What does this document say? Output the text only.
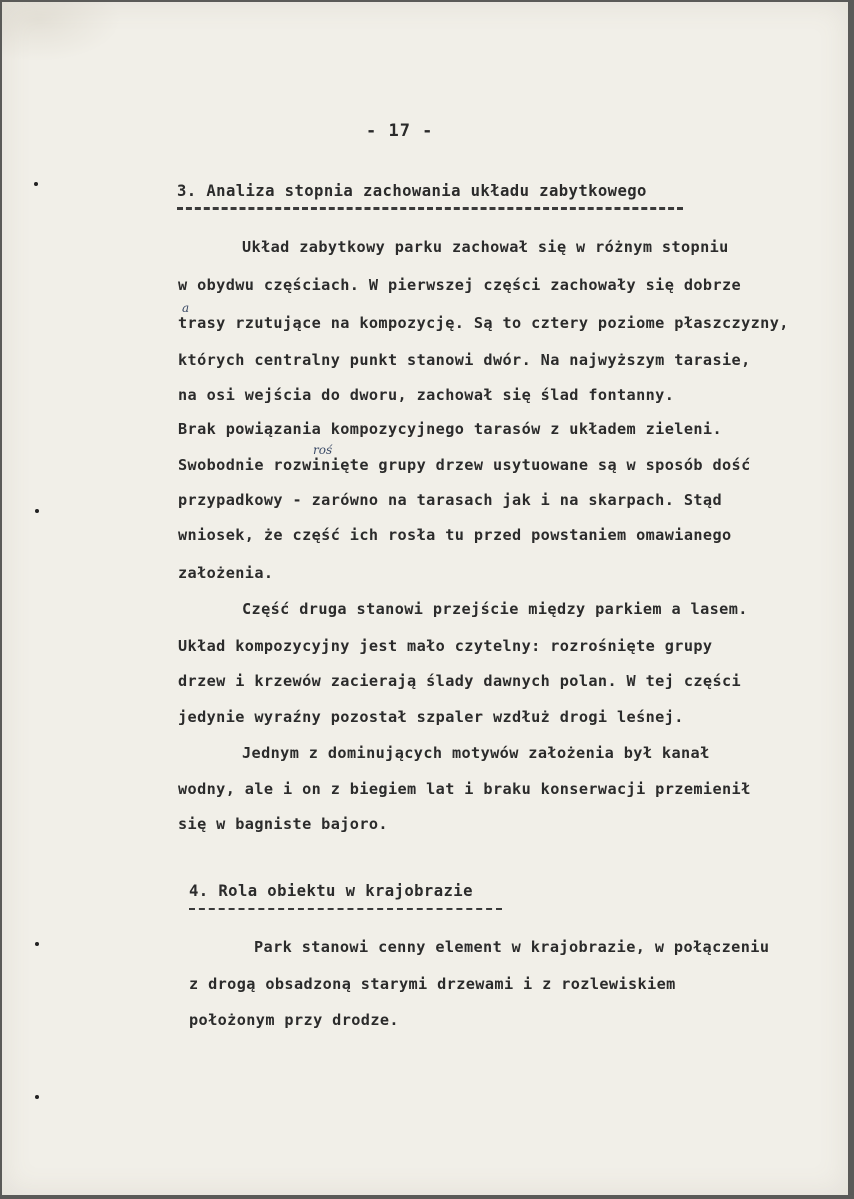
- 17 -
3. Analiza stopnia zachowania układu zabytkowego
Układ zabytkowy parku zachował się w różnym stopniu
w obydwu częściach. W pierwszej części zachowały się dobrze
trasy rzutujące na kompozycję. Są to cztery poziome płaszczyzny,
a
których centralny punkt stanowi dwór. Na najwyższym tarasie,
na osi wejścia do dworu, zachował się ślad fontanny.
Brak powiązania kompozycyjnego tarasów z układem zieleni.
roś
Swobodnie rozwinięte grupy drzew usytuowane są w sposób dość
przypadkowy - zarówno na tarasach jak i na skarpach. Stąd
wniosek, że część ich rosła tu przed powstaniem omawianego
założenia.
Część druga stanowi przejście między parkiem a lasem.
Układ kompozycyjny jest mało czytelny: rozrośnięte grupy
drzew i krzewów zacierają ślady dawnych polan. W tej części
jedynie wyraźny pozostał szpaler wzdłuż drogi leśnej.
Jednym z dominujących motywów założenia był kanał
wodny, ale i on z biegiem lat i braku konserwacji przemienił
się w bagniste bajoro.
4. Rola obiektu w krajobrazie
Park stanowi cenny element w krajobrazie, w połączeniu
z drogą obsadzoną starymi drzewami i z rozlewiskiem
położonym przy drodze.
